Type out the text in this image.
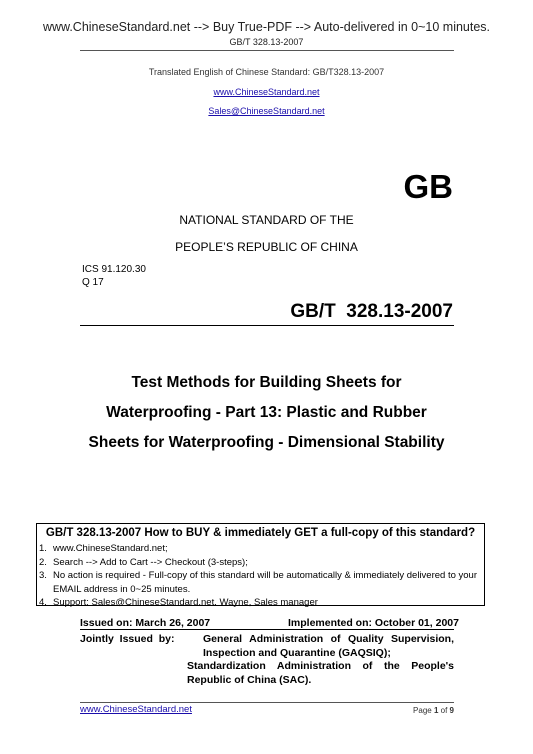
www.ChineseStandard.net --> Buy True-PDF --> Auto-delivered in 0~10 minutes.
GB/T 328.13-2007
Translated English of Chinese Standard: GB/T328.13-2007
www.ChineseStandard.net
Sales@ChineseStandard.net
GB
NATIONAL STANDARD OF THE
PEOPLE’S REPUBLIC OF CHINA
ICS 91.120.30
Q 17
GB/T  328.13-2007
Test Methods for Building Sheets for
Waterproofing - Part 13: Plastic and Rubber
Sheets for Waterproofing - Dimensional Stability
GB/T 328.13-2007 How to BUY & immediately GET a full-copy of this standard?
1. www.ChineseStandard.net;
2. Search --> Add to Cart --> Checkout (3-steps);
3. No action is required - Full-copy of this standard will be automatically & immediately delivered to your EMAIL address in 0~25 minutes.
4. Support: Sales@ChineseStandard.net. Wayne, Sales manager
Issued on: March 26, 2007	Implemented on: October 01, 2007
Jointly  Issued  by:	General Administration of Quality Supervision, Inspection and Quarantine (GAQSIQ);
Standardization Administration of the People's Republic of China (SAC).
www.ChineseStandard.net	Page 1 of 9
